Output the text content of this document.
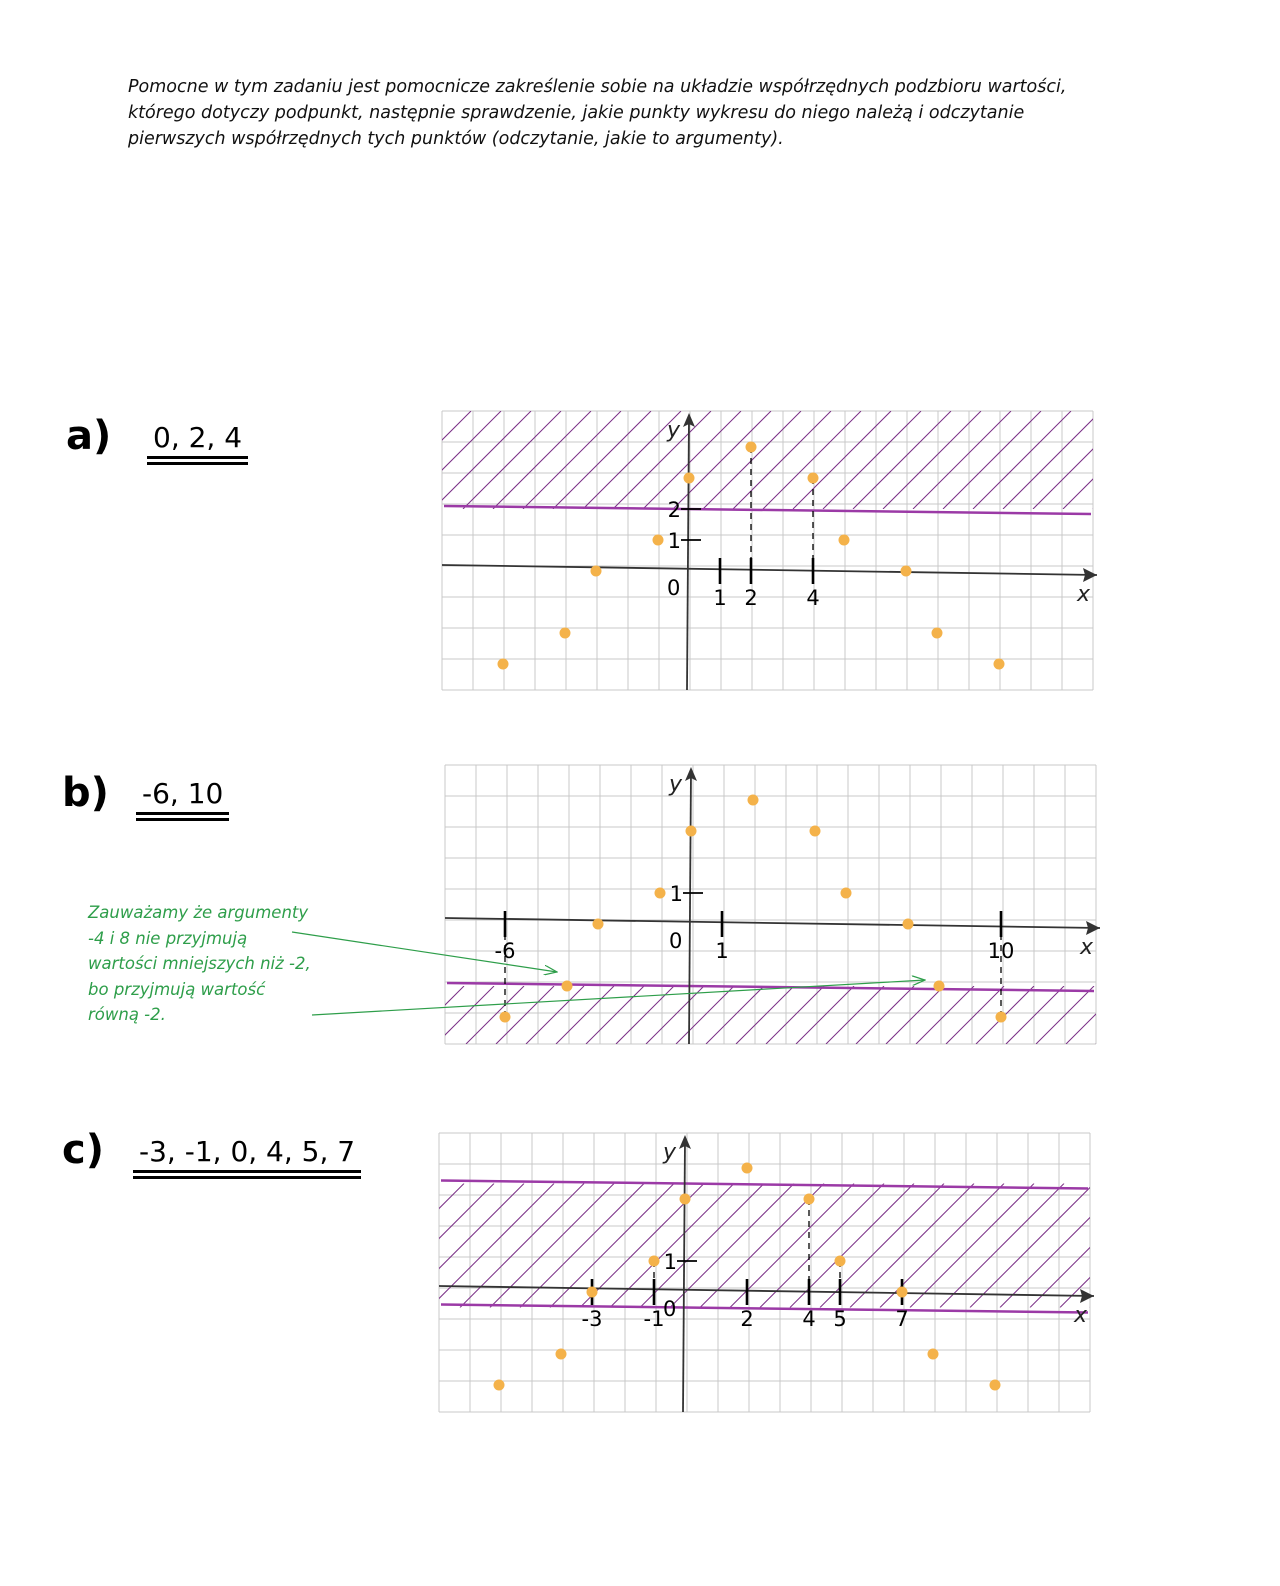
Pomocne w tym zadaniu jest pomocnicze zakreślenie sobie na układzie współrzędnych podzbioru wartości, którego dotyczy podpunkt, następnie sprawdzenie, jakie punkty wykresu do niego należą i odczytanie pierwszych współrzędnych tych punktów (odczytanie, jakie to argumenty).

a) 0, 2, 4
b) -6, 10
c) -3, -1, 0, 4, 5, 7

Zauważamy że argumenty -4 i 8 nie przyjmują wartości mniejszych niż -2, bo przyjmują wartość równą -2.

x
y
0 1 2 4
2
1
x
y
0
-6	1	10
1
x
y
0
-3 -1	2 4 5 7
1
